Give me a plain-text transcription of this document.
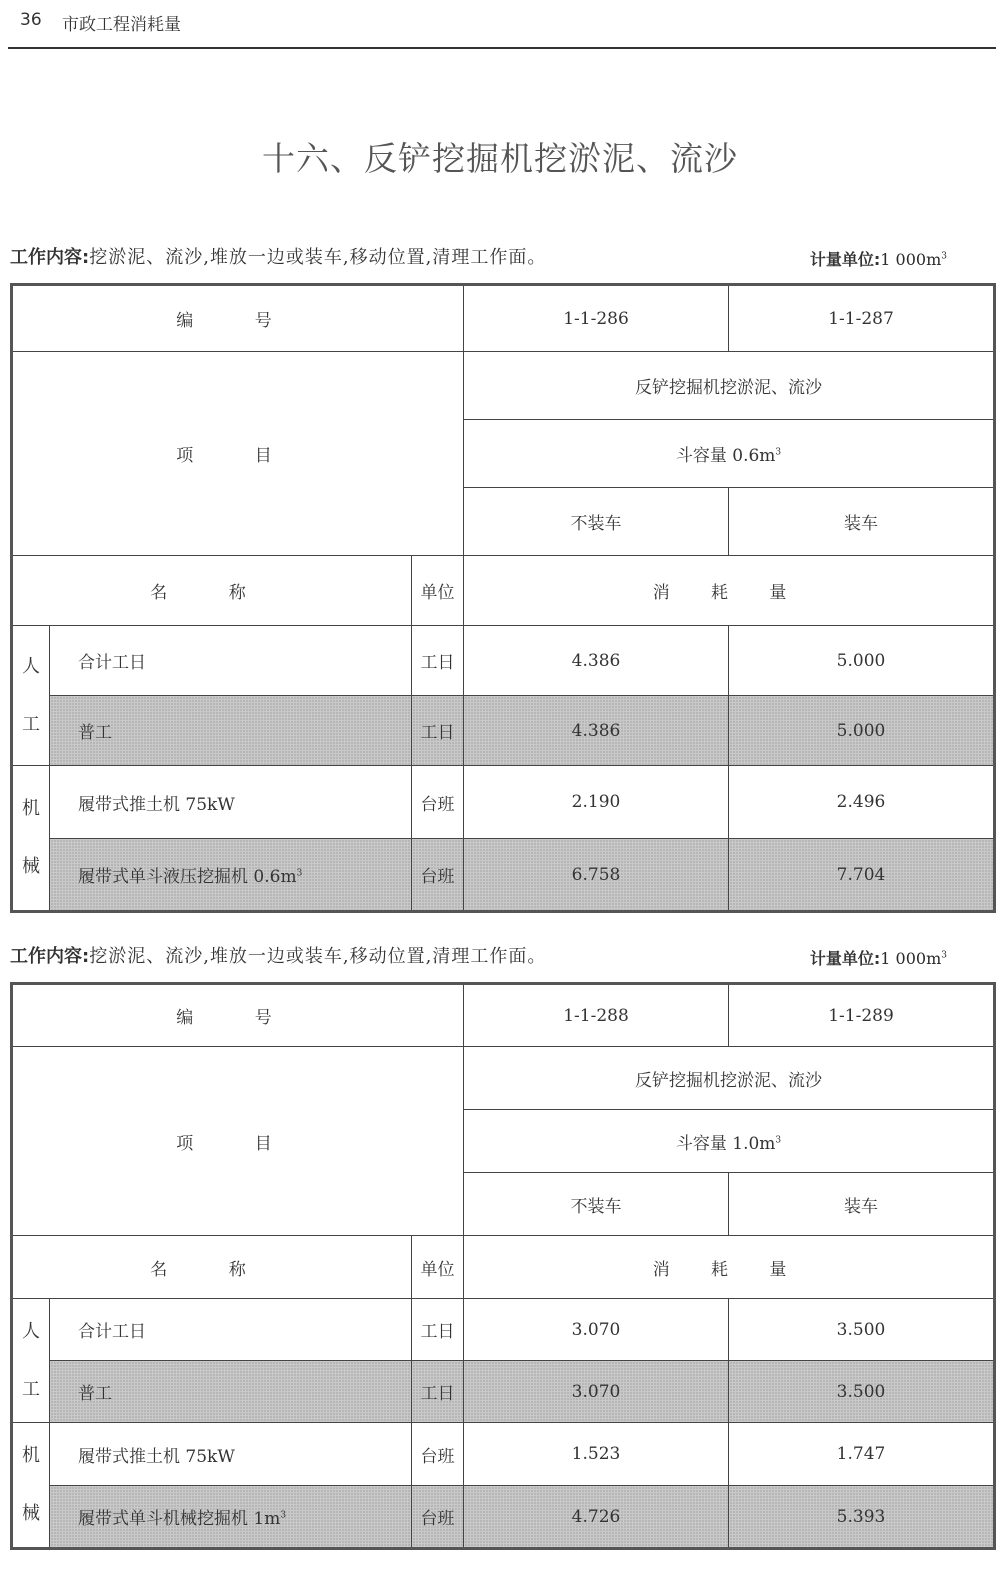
36 市政工程消耗量
十六、反铲挖掘机挖淤泥、流沙
工作内容:挖淤泥、流沙,堆放一边或装车,移动位置,清理工作面。	计量单位:1 $000m^3$
编 号			1-1-286	1-1-287
项 目			反铲挖掘机挖淤泥、流沙	
			斗容量 $0.6m^3$
			不装车	装车
名 称		单位	消 耗 量	

人
工	合计工日	工日	4.386	5.000
	普工	工日	4.386	5.000

机
械	履带式推土机 75kW	台班	2.190	2.496
	履带式单斗液压挖掘机 $0.6m^3$	台班	6.758	7.704
工作内容:挖淤泥、流沙,堆放一边或装车,移动位置,清理工作面。	计量单位:1 $000m^3$
编 号			1-1-288	1-1-289
项 目			反铲挖掘机挖淤泥、流沙	
			斗容量 $1.0m^3$
			不装车	装车
名 称		单位	消 耗 量	

人
工	合计工日	工日	3.070	3.500
	普工	工日	3.070	3.500

机
械	履带式推土机 75kW	台班	1.523	1.747
	履带式单斗机械挖掘机 $1m^3$	台班	4.726	5.393
